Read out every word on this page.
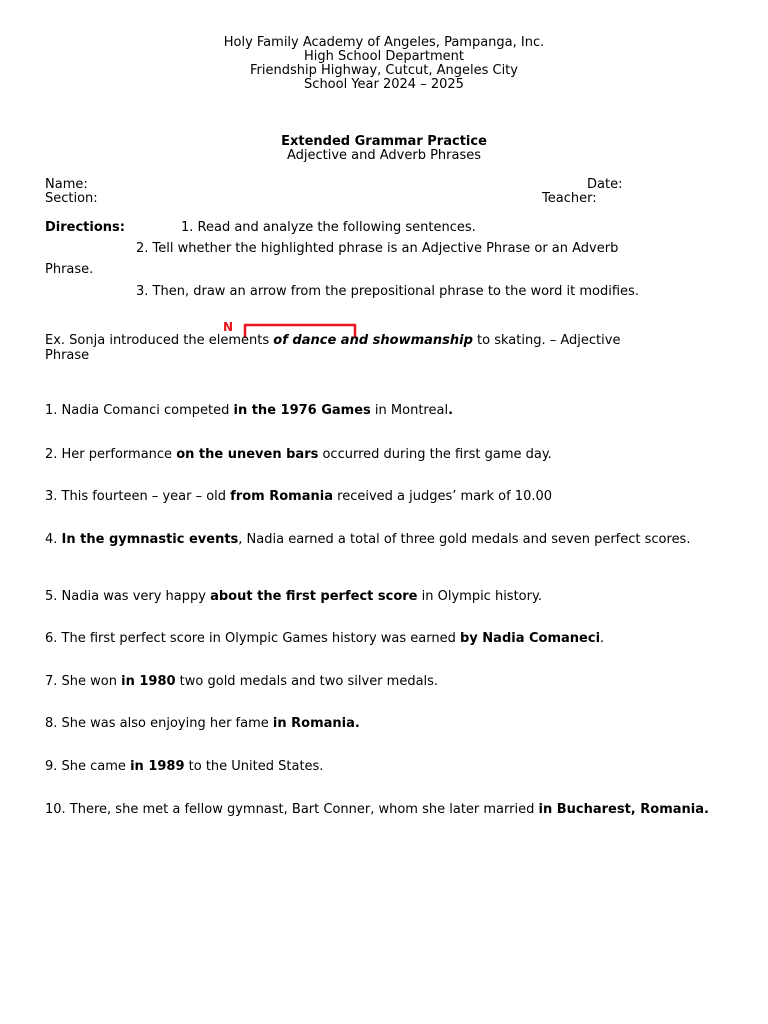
Holy Family Academy of Angeles, Pampanga, Inc.
High School Department
Friendship Highway, Cutcut, Angeles City
School Year 2024 – 2025
Extended Grammar Practice
Adjective and Adverb Phrases
Name:	Date:
Section:	Teacher:
Directions:	1. Read and analyze the following sentences.
2. Tell whether the highlighted phrase is an Adjective Phrase or an Adverb
Phrase.
3. Then, draw an arrow from the prepositional phrase to the word it modifies.
N
Ex. Sonja introduced the elements of dance and showmanship to skating. – Adjective
Phrase
1. Nadia Comanci competed in the 1976 Games in Montreal.
2. Her performance on the uneven bars occurred during the first game day.
3. This fourteen – year – old from Romania received a judges’ mark of 10.00
4. In the gymnastic events, Nadia earned a total of three gold medals and seven perfect scores.
5. Nadia was very happy about the first perfect score in Olympic history.
6. The first perfect score in Olympic Games history was earned by Nadia Comaneci.
7. She won in 1980 two gold medals and two silver medals.
8. She was also enjoying her fame in Romania.
9. She came in 1989 to the United States.
10. There, she met a fellow gymnast, Bart Conner, whom she later married in Bucharest, Romania.
